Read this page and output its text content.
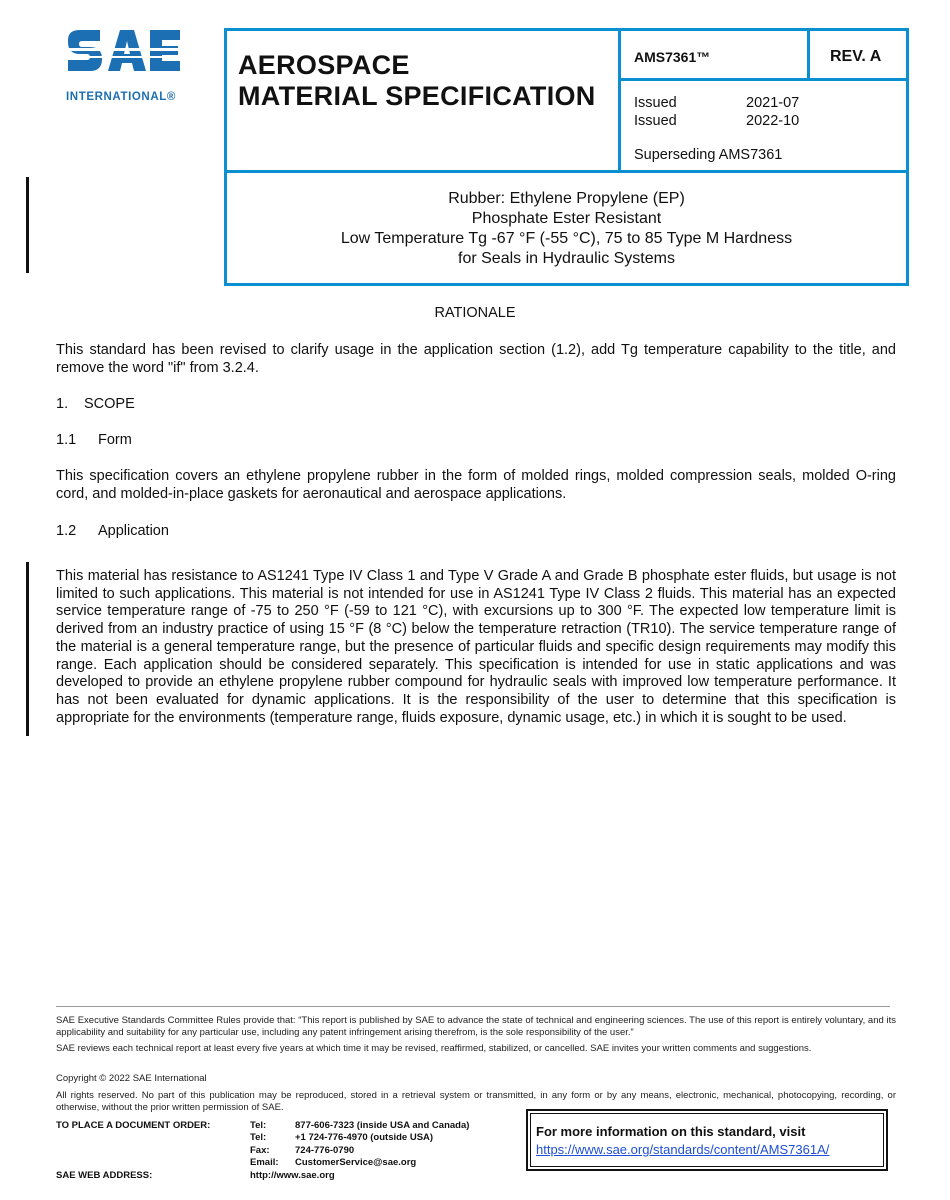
INTERNATIONAL®
AEROSPACE
MATERIAL SPECIFICATION
AMS7361™	REV. A
Issued	2021-07
Issued	2022-10
Superseding AMS7361
Rubber: Ethylene Propylene (EP)
Phosphate Ester Resistant
Low Temperature Tg -67 °F (-55 °C), 75 to 85 Type M Hardness
for Seals in Hydraulic Systems
RATIONALE
This standard has been revised to clarify usage in the application section (1.2), add Tg temperature capability to the title, and remove the word "if" from 3.2.4.
1. SCOPE
1.1 Form
This specification covers an ethylene propylene rubber in the form of molded rings, molded compression seals, molded O-ring cord, and molded-in-place gaskets for aeronautical and aerospace applications.
1.2 Application
This material has resistance to AS1241 Type IV Class 1 and Type V Grade A and Grade B phosphate ester fluids, but usage is not limited to such applications. This material is not intended for use in AS1241 Type IV Class 2 fluids. This material has an expected service temperature range of -75 to 250 °F (-59 to 121 °C), with excursions up to 300 °F. The expected low temperature limit is derived from an industry practice of using 15 °F (8 °C) below the temperature retraction (TR10). The service temperature range of the material is a general temperature range, but the presence of particular fluids and specific design requirements may modify this range. Each application should be considered separately. This specification is intended for use in static applications and was developed to provide an ethylene propylene rubber compound for hydraulic seals with improved low temperature performance. It has not been evaluated for dynamic applications. It is the responsibility of the user to determine that this specification is appropriate for the environments (temperature range, fluids exposure, dynamic usage, etc.) in which it is sought to be used.
SAE Executive Standards Committee Rules provide that: “This report is published by SAE to advance the state of technical and engineering sciences. The use of this report is entirely voluntary, and its applicability and suitability for any particular use, including any patent infringement arising therefrom, is the sole responsibility of the user.”
SAE reviews each technical report at least every five years at which time it may be revised, reaffirmed, stabilized, or cancelled. SAE invites your written comments and suggestions.
Copyright © 2022 SAE International
All rights reserved. No part of this publication may be reproduced, stored in a retrieval system or transmitted, in any form or by any means, electronic, mechanical, photocopying, recording, or otherwise, without the prior written permission of SAE.
TO PLACE A DOCUMENT ORDER:	Tel:	877-606-7323 (inside USA and Canada)
Tel:	+1 724-776-4970 (outside USA)
Fax:	724-776-0790
Email:	CustomerService@sae.org
SAE WEB ADDRESS:	http://www.sae.org
For more information on this standard, visit
https://www.sae.org/standards/content/AMS7361A/
